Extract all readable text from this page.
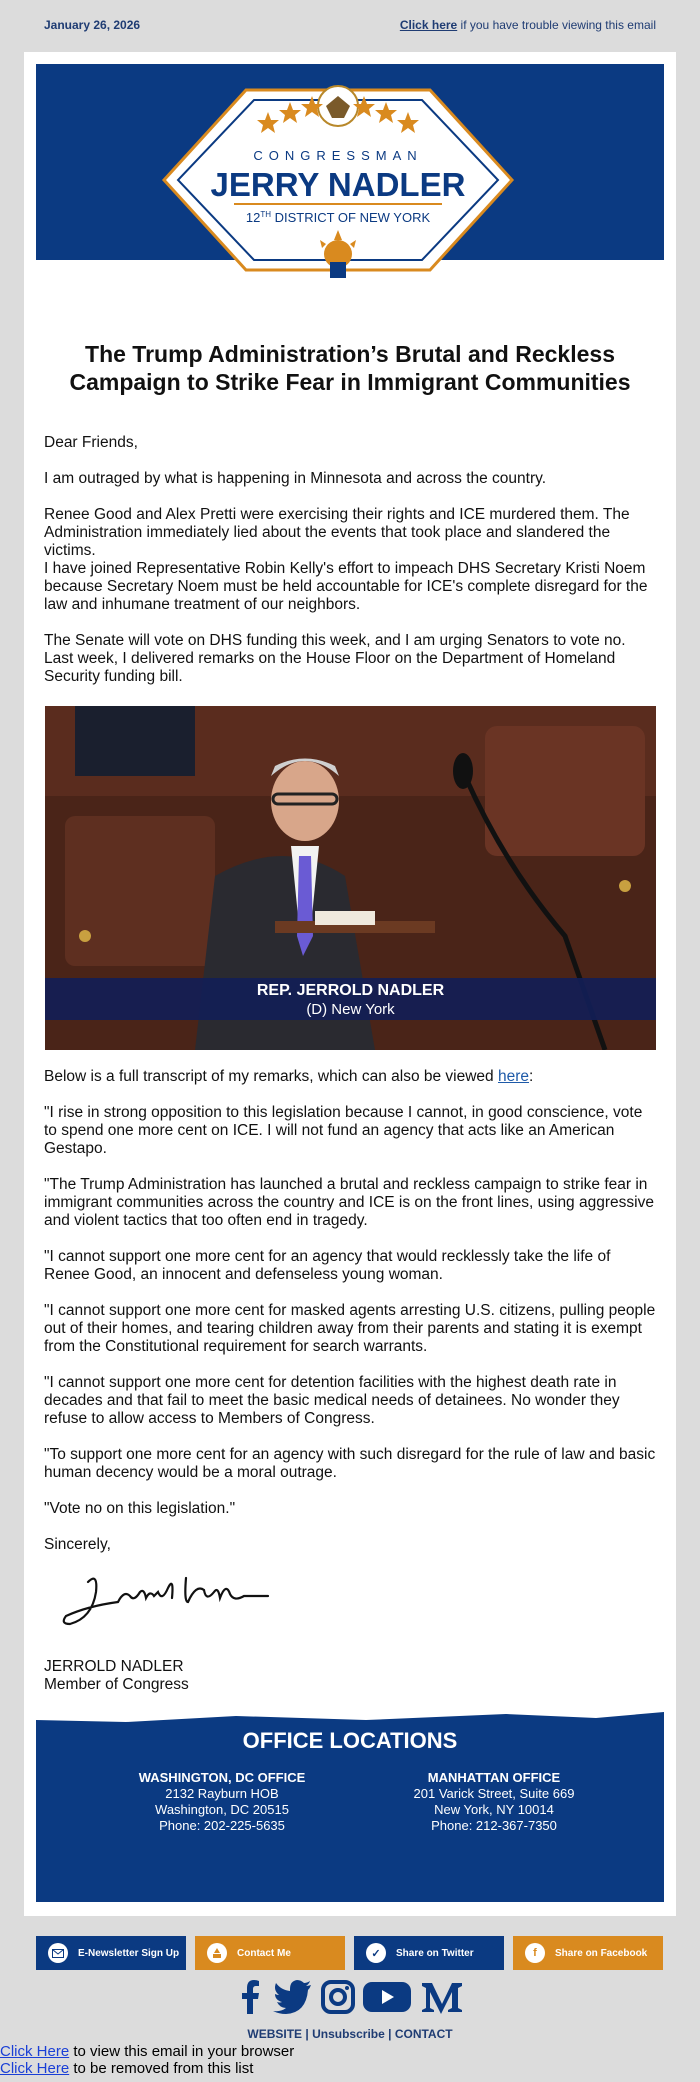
January 26, 2026	Click here if you have trouble viewing this email
CONGRESSMAN
JERRY NADLER
12TH DISTRICT OF NEW YORK
The Trump Administration’s Brutal and Reckless Campaign to Strike Fear in Immigrant Communities

Dear Friends,

I am outraged by what is happening in Minnesota and across the country.

Renee Good and Alex Pretti were exercising their rights and ICE murdered them. The Administration immediately lied about the events that took place and slandered the victims.

I have joined Representative Robin Kelly's effort to impeach DHS Secretary Kristi Noem because Secretary Noem must be held accountable for ICE's complete disregard for the law and inhumane treatment of our neighbors.

The Senate will vote on DHS funding this week, and I am urging Senators to vote no. Last week, I delivered remarks on the House Floor on the Department of Homeland Security funding bill.

REP. JERROLD NADLER
(D) New York

Below is a full transcript of my remarks, which can also be viewed here:

"I rise in strong opposition to this legislation because I cannot, in good conscience, vote to spend one more cent on ICE. I will not fund an agency that acts like an American Gestapo.

"The Trump Administration has launched a brutal and reckless campaign to strike fear in immigrant communities across the country and ICE is on the front lines, using aggressive and violent tactics that too often end in tragedy.

"I cannot support one more cent for an agency that would recklessly take the life of Renee Good, an innocent and defenseless young woman.

"I cannot support one more cent for masked agents arresting U.S. citizens, pulling people out of their homes, and tearing children away from their parents and stating it is exempt from the Constitutional requirement for search warrants.

"I cannot support one more cent for detention facilities with the highest death rate in decades and that fail to meet the basic medical needs of detainees. No wonder they refuse to allow access to Members of Congress.

"To support one more cent for an agency with such disregard for the rule of law and basic human decency would be a moral outrage.

"Vote no on this legislation."

Sincerely,

JERROLD NADLER

Member of Congress

OFFICE LOCATIONS
WASHINGTON, DC OFFICE
2132 Rayburn HOB
Washington, DC 20515
Phone: 202-225-5635
MANHATTAN OFFICE
201 Varick Street, Suite 669
New York, NY 10014
Phone: 212-367-7350
E-Newsletter Sign Up	Contact Me	✓	Share on Twitter	f	Share on Facebook

WEBSITE | Unsubscribe | CONTACT
Click Here to view this email in your browser
Click Here to be removed from this list
